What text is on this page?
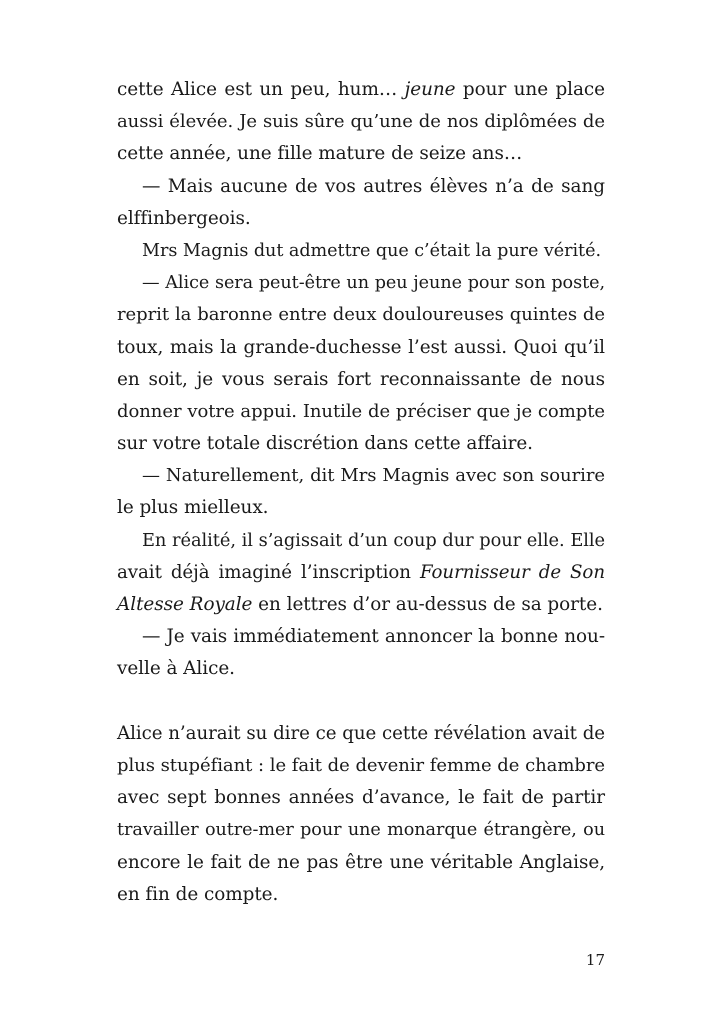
cette Alice est un peu, hum… jeune pour une place
aussi élevée. Je suis sûre qu’une de nos diplômées de
cette année, une fille mature de seize ans…
— Mais aucune de vos autres élèves n’a de sang
elffinbergeois.
Mrs Magnis dut admettre que c’était la pure vérité.
— Alice sera peut-être un peu jeune pour son poste,
reprit la baronne entre deux douloureuses quintes de
toux, mais la grande-duchesse l’est aussi. Quoi qu’il
en soit, je vous serais fort reconnaissante de nous
donner votre appui. Inutile de préciser que je compte
sur votre totale discrétion dans cette affaire.
— Naturellement, dit Mrs Magnis avec son sourire
le plus mielleux.
En réalité, il s’agissait d’un coup dur pour elle. Elle
avait déjà imaginé l’inscription Fournisseur de Son
Altesse Royale en lettres d’or au-dessus de sa porte.
— Je vais immédiatement annoncer la bonne nou-
velle à Alice.
Alice n’aurait su dire ce que cette révélation avait de
plus stupéfiant : le fait de devenir femme de chambre
avec sept bonnes années d’avance, le fait de partir
travailler outre-mer pour une monarque étrangère, ou
encore le fait de ne pas être une véritable Anglaise,
en fin de compte.
17
